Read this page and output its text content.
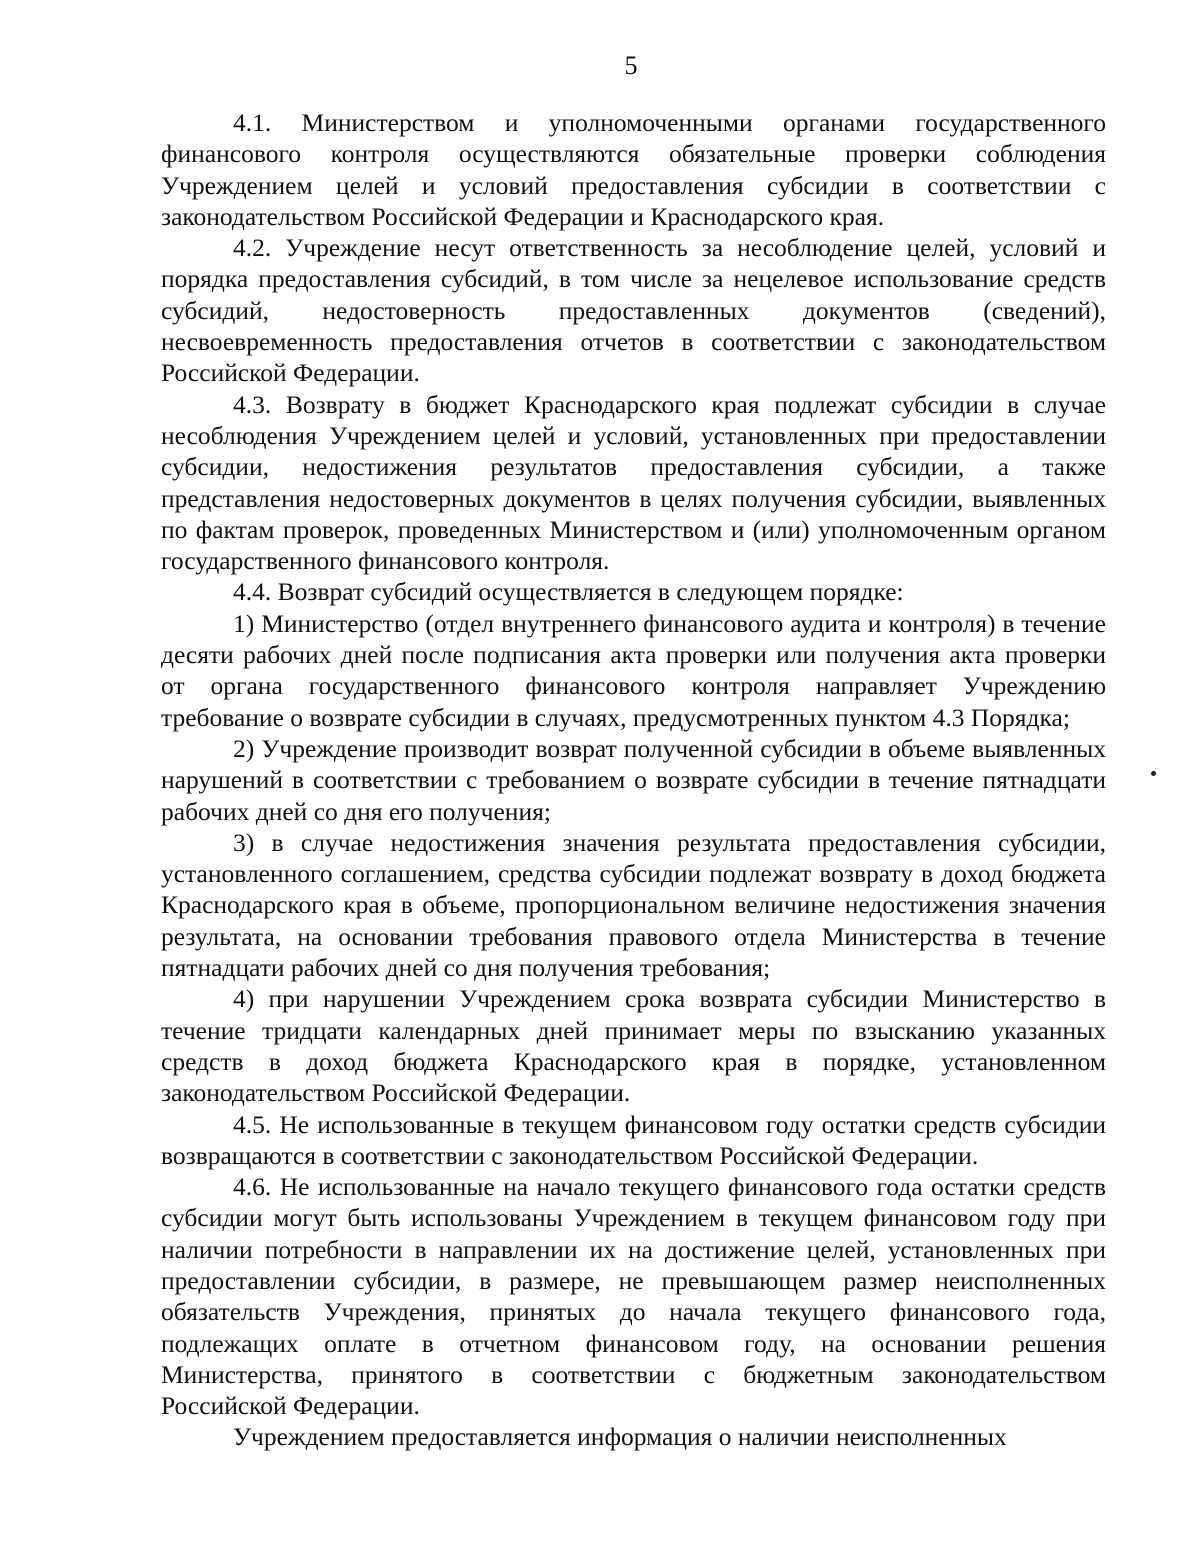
5

4.1. Министерством и уполномоченными органами государственного финансового контроля осуществляются обязательные проверки соблюдения Учреждением целей и условий предоставления субсидии в соответствии с законодательством Российской Федерации и Краснодарского края.

4.2. Учреждение несут ответственность за несоблюдение целей, условий и порядка предоставления субсидий, в том числе за нецелевое использование средств субсидий, недостоверность предоставленных документов (сведений), несвоевременность предоставления отчетов в соответствии с законодательством Российской Федерации.

4.3. Возврату в бюджет Краснодарского края подлежат субсидии в случае несоблюдения Учреждением целей и условий, установленных при предоставлении субсидии, недостижения результатов предоставления субсидии, а также представления недостоверных документов в целях получения субсидии, выявленных по фактам проверок, проведенных Министерством и (или) уполномоченным органом государственного финансового контроля.

4.4. Возврат субсидий осуществляется в следующем порядке:

1) Министерство (отдел внутреннего финансового аудита и контроля) в течение десяти рабочих дней после подписания акта проверки или получения акта проверки от органа государственного финансового контроля направляет Учреждению требование о возврате субсидии в случаях, предусмотренных пунктом 4.3 Порядка;

2) Учреждение производит возврат полученной субсидии в объеме выявленных нарушений в соответствии с требованием о возврате субсидии в течение пятнадцати рабочих дней со дня его получения;

3) в случае недостижения значения результата предоставления субсидии, установленного соглашением, средства субсидии подлежат возврату в доход бюджета Краснодарского края в объеме, пропорциональном величине недостижения значения результата, на основании требования правового отдела Министерства в течение пятнадцати рабочих дней со дня получения требования;

4) при нарушении Учреждением срока возврата субсидии Министерство в течение тридцати календарных дней принимает меры по взысканию указанных средств в доход бюджета Краснодарского края в порядке, установленном законодательством Российской Федерации.

4.5. Не использованные в текущем финансовом году остатки средств субсидии возвращаются в соответствии с законодательством Российской Федерации.

4.6. Не использованные на начало текущего финансового года остатки средств субсидии могут быть использованы Учреждением в текущем финансовом году при наличии потребности в направлении их на достижение целей, установленных при предоставлении субсидии, в размере, не превышающем размер неисполненных обязательств Учреждения, принятых до начала текущего финансового года, подлежащих оплате в отчетном финансовом году, на основании решения Министерства, принятого в соответствии с бюджетным законодательством Российской Федерации.

Учреждением предоставляется информация о наличии неисполненных
